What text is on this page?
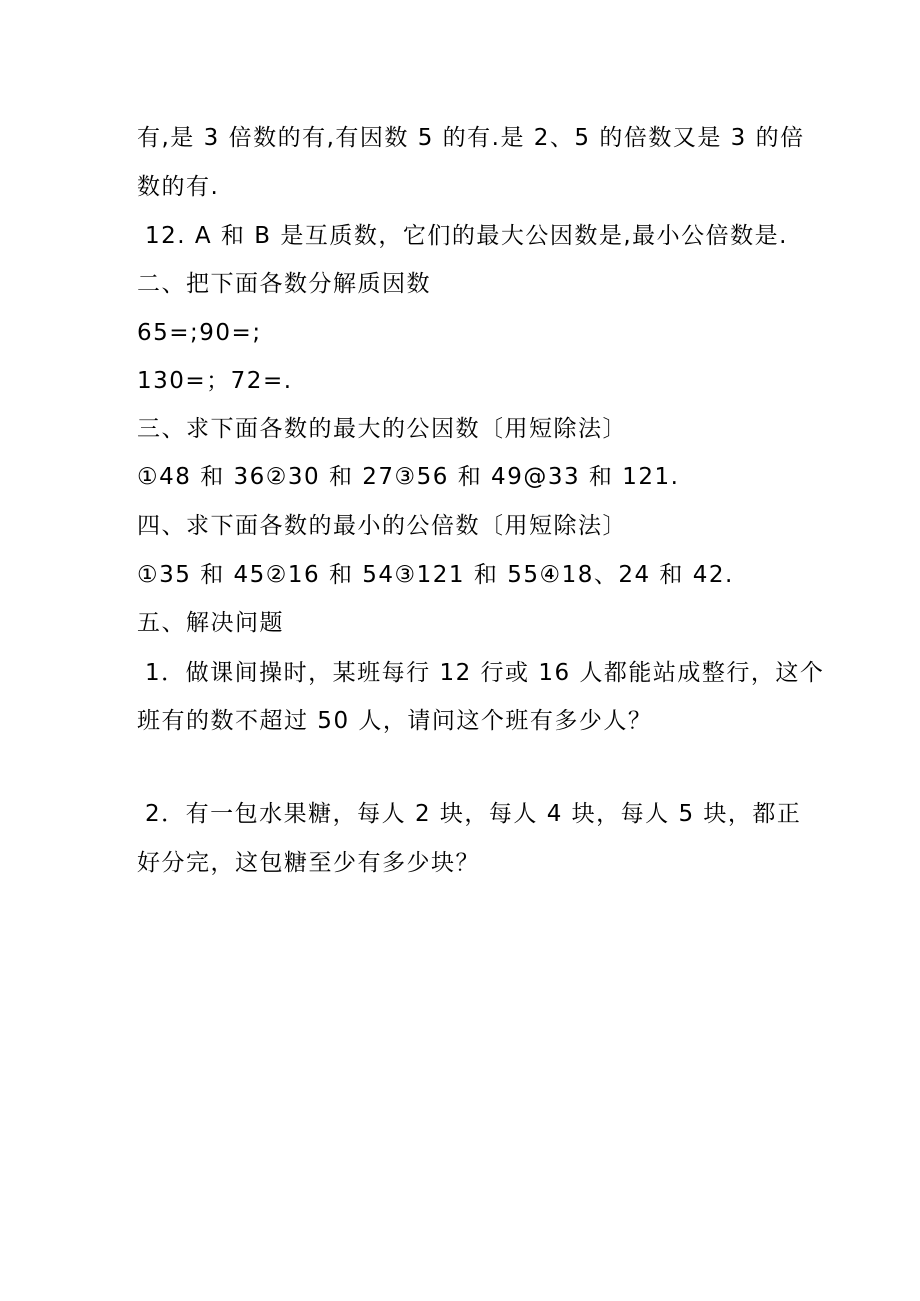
有,是 3 倍数的有,有因数 5 的有.是 2、5 的倍数又是 3 的倍
数的有.
12. A 和 B 是互质数，它们的最大公因数是,最小公倍数是.
二、把下面各数分解质因数
65=;90=;
130=；72=.
三、求下面各数的最大的公因数〔用短除法〕
①48 和 36②30 和 27③56 和 49@33 和 121.
四、求下面各数的最小的公倍数〔用短除法〕
①35 和 45②16 和 54③121 和 55④18、24 和 42.
五、解决问题
1．做课间操时，某班每行 12 行或 16 人都能站成整行，这个
班有的数不超过 50 人，请问这个班有多少人？
2．有一包水果糖，每人 2 块，每人 4 块，每人 5 块，都正
好分完，这包糖至少有多少块？
